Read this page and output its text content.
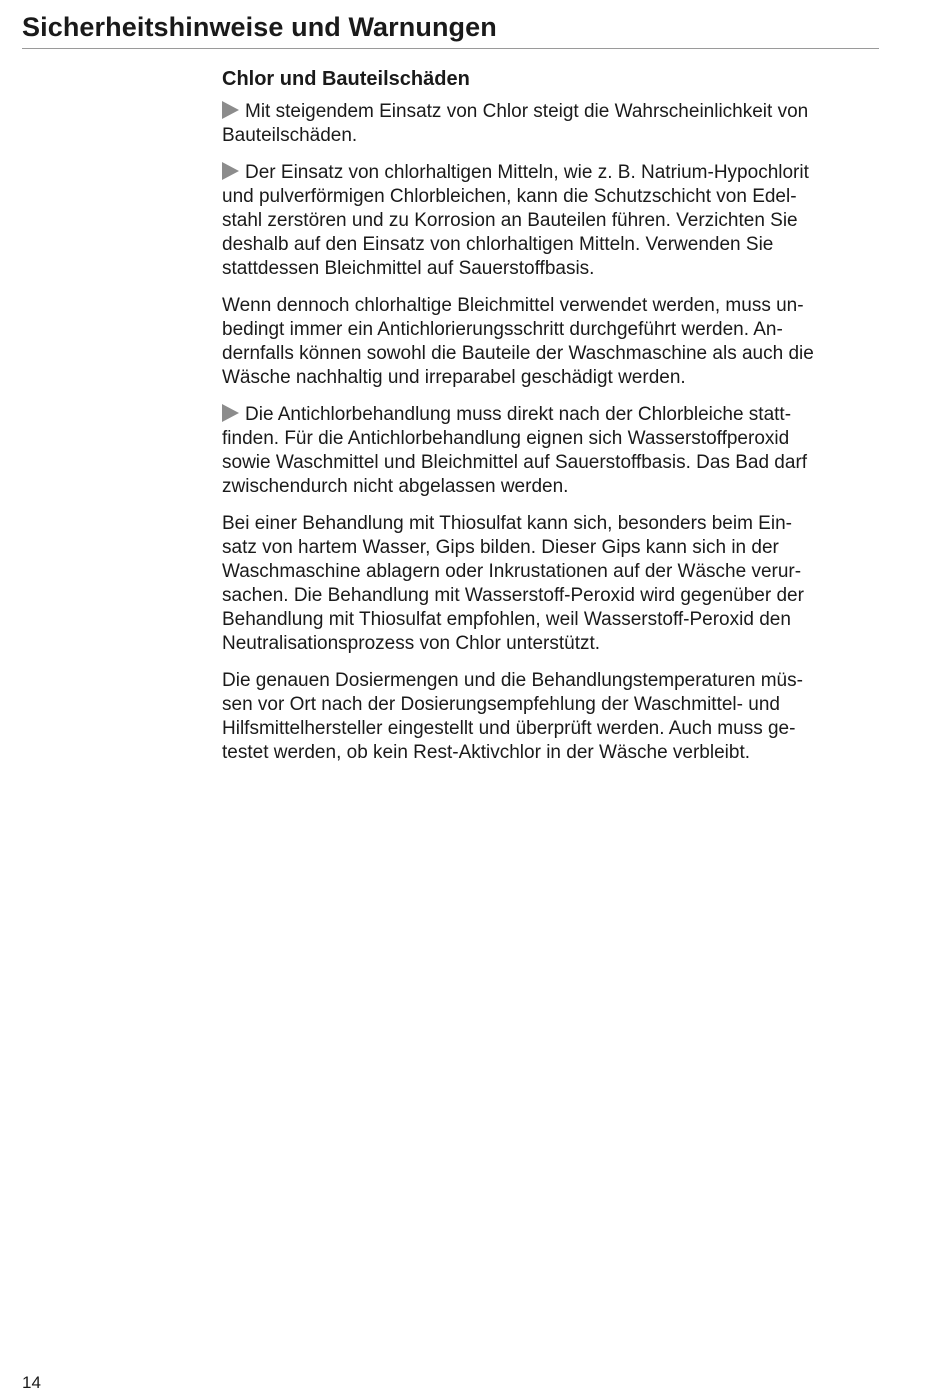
Sicherheitshinweise und Warnungen
Chlor und Bauteilschäden

Mit steigendem Einsatz von Chlor steigt die Wahrscheinlichkeit von
Bauteilschäden.

Der Einsatz von chlorhaltigen Mitteln, wie z. B. Natrium-Hypochlorit
und pulverförmigen Chlorbleichen, kann die Schutzschicht von Edel-
stahl zerstören und zu Korrosion an Bauteilen führen. Verzichten Sie
deshalb auf den Einsatz von chlorhaltigen Mitteln. Verwenden Sie
stattdessen Bleichmittel auf Sauerstoffbasis.

Wenn dennoch chlorhaltige Bleichmittel verwendet werden, muss un-
bedingt immer ein Antichlorierungsschritt durchgeführt werden. An-
dernfalls können sowohl die Bauteile der Waschmaschine als auch die
Wäsche nachhaltig und irreparabel geschädigt werden.

Die Antichlorbehandlung muss direkt nach der Chlorbleiche statt-
finden. Für die Antichlorbehandlung eignen sich Wasserstoffperoxid
sowie Waschmittel und Bleichmittel auf Sauerstoffbasis. Das Bad darf
zwischendurch nicht abgelassen werden.

Bei einer Behandlung mit Thiosulfat kann sich, besonders beim Ein-
satz von hartem Wasser, Gips bilden. Dieser Gips kann sich in der
Waschmaschine ablagern oder Inkrustationen auf der Wäsche verur-
sachen. Die Behandlung mit Wasserstoff-Peroxid wird gegenüber der
Behandlung mit Thiosulfat empfohlen, weil Wasserstoff-Peroxid den
Neutralisationsprozess von Chlor unterstützt.

Die genauen Dosiermengen und die Behandlungstemperaturen müs-
sen vor Ort nach der Dosierungsempfehlung der Waschmittel- und
Hilfsmittelhersteller eingestellt und überprüft werden. Auch muss ge-
testet werden, ob kein Rest-Aktivchlor in der Wäsche verbleibt.

14
